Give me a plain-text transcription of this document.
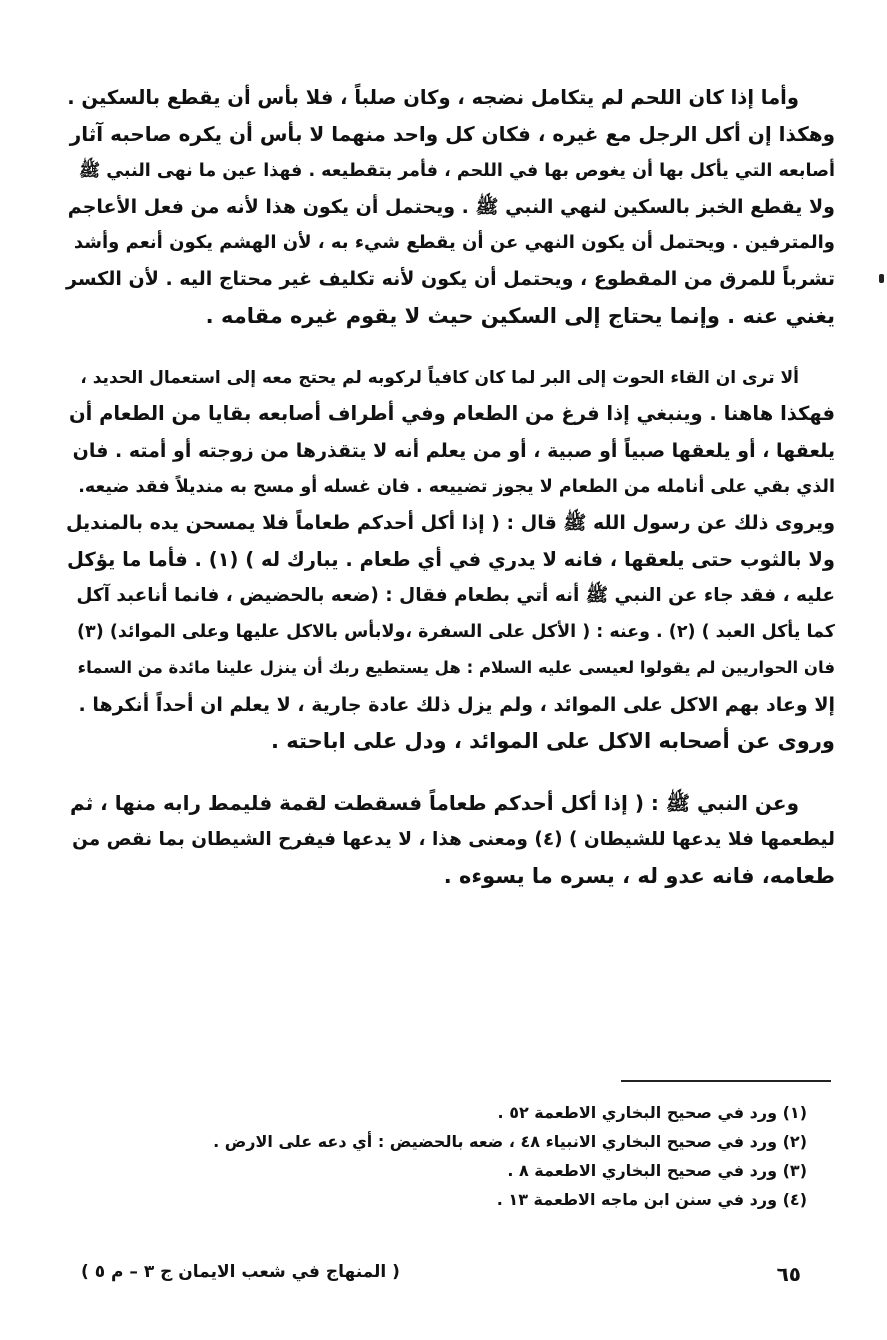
وأما إذا كان اللحم لم يتكامل نضجه ، وكان صلباً ، فلا بأس أن يقطع بالسكين .
وهكذا إن أكل الرجل مع غيره ، فكان كل واحد منهما لا بأس أن يكره صاحبه آثار
أصابعه التي يأكل بها أن يغوص بها في اللحم ، فأمر بتقطيعه . فهذا عين ما نهى النبي ﷺ
ولا يقطع الخبز بالسكين لنهي النبي ﷺ . ويحتمل أن يكون هذا لأنه من فعل الأعاجم
والمترفين . ويحتمل أن يكون النهي عن أن يقطع شيء به ، لأن الهشم يكون أنعم وأشد
تشرباً للمرق من المقطوع ، ويحتمل أن يكون لأنه تكليف غير محتاج اليه . لأن الكسر
يغني عنه . وإنما يحتاج إلى السكين حيث لا يقوم غيره مقامه .
ألا ترى ان القاء الحوت إلى البر لما كان كافياً لركوبه لم يحتج معه إلى استعمال الحديد ،
فهكذا هاهنا . وينبغي إذا فرغ من الطعام وفي أطراف أصابعه بقايا من الطعام أن
يلعقها ، أو يلعقها صبياً أو صبية ، أو من يعلم أنه لا يتقذرها من زوجته أو أمته . فان
الذي بقي على أنامله من الطعام لا يجوز تضييعه . فان غسله أو مسح به منديلاً فقد ضيعه.
ويروى ذلك عن رسول الله ﷺ قال : ( إذا أكل أحدكم طعاماً فلا يمسحن يده بالمنديل
ولا بالثوب حتى يلعقها ، فانه لا يدري في أي طعام . يبارك له ) (١) . فأما ما يؤكل
عليه ، فقد جاء عن النبي ﷺ أنه أتي بطعام فقال : (ضعه بالحضيض ، فانما أناعبد آكل
كما يأكل العبد ) (٢) . وعنه : ( الأكل على السفرة ،ولابأس بالاكل عليها وعلى الموائد) (٣)
فان الحواريين لم يقولوا لعيسى عليه السلام : هل يستطيع ربك أن ينزل علينا مائدة من السماء
إلا وعاد بهم الاكل على الموائد ، ولم يزل ذلك عادة جارية ، لا يعلم ان أحداً أنكرها .
وروى عن أصحابه الاكل على الموائد ، ودل على اباحته .
وعن النبي ﷺ : ( إذا أكل أحدكم طعاماً فسقطت لقمة فليمط رابه منها ، ثم
ليطعمها فلا يدعها للشيطان ) (٤) ومعنى هذا ، لا يدعها فيفرح الشيطان بما نقص من
طعامه، فانه عدو له ، يسره ما يسوءه .
(١) ورد في صحيح البخاري الاطعمة ٥٢ .
(٢) ورد في صحيح البخاري الانبياء ٤٨ ، ضعه بالحضيض : أي دعه على الارض .
(٣) ورد في صحيح البخاري الاطعمة ٨ .
(٤) ورد في سنن ابن ماجه الاطعمة ١٣ .
٦٥
( المنهاج في شعب الايمان ج ٣ – م ٥ )
